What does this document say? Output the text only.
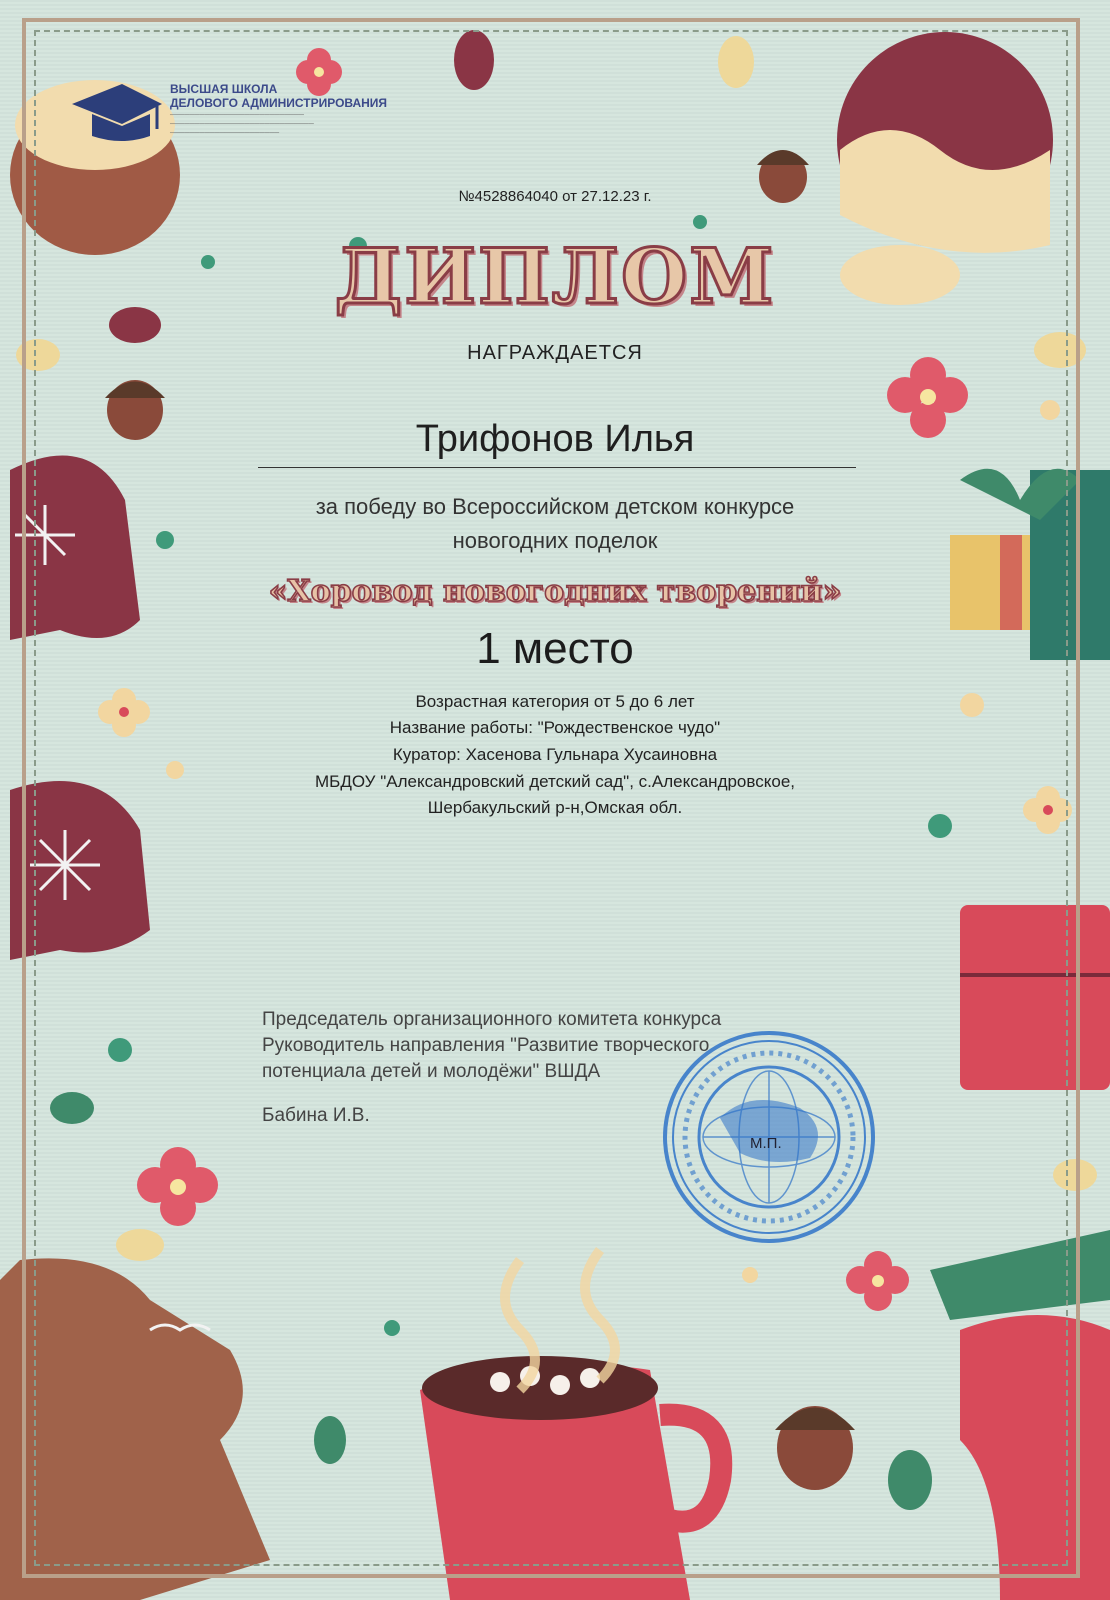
ВЫСШАЯ ШКОЛА
ДЕЛОВОГО АДМИНИСТРИРОВАНИЯ
───────────────────────────
─────────────────────────────
──────────────────────
№4528864040 от 27.12.23 г.
ДИПЛОМ
НАГРАЖДАЕТСЯ
Трифонов Илья
за победу во Всероссийском детском конкурсе
новогодних поделок
«Хоровод новогодних творений»
1 место
Возрастная категория от 5 до 6 лет
Название работы: "Рождественское чудо"
Куратор: Хасенова Гульнара Хусаиновна
МБДОУ "Александровский детский сад", с.Александровское,
Шербакульский р-н,Омская обл.
Председатель организационного комитета конкурса
Руководитель направления "Развитие творческого
потенциала детей и молодёжи" ВШДА
Бабина И.В.
М.П.
